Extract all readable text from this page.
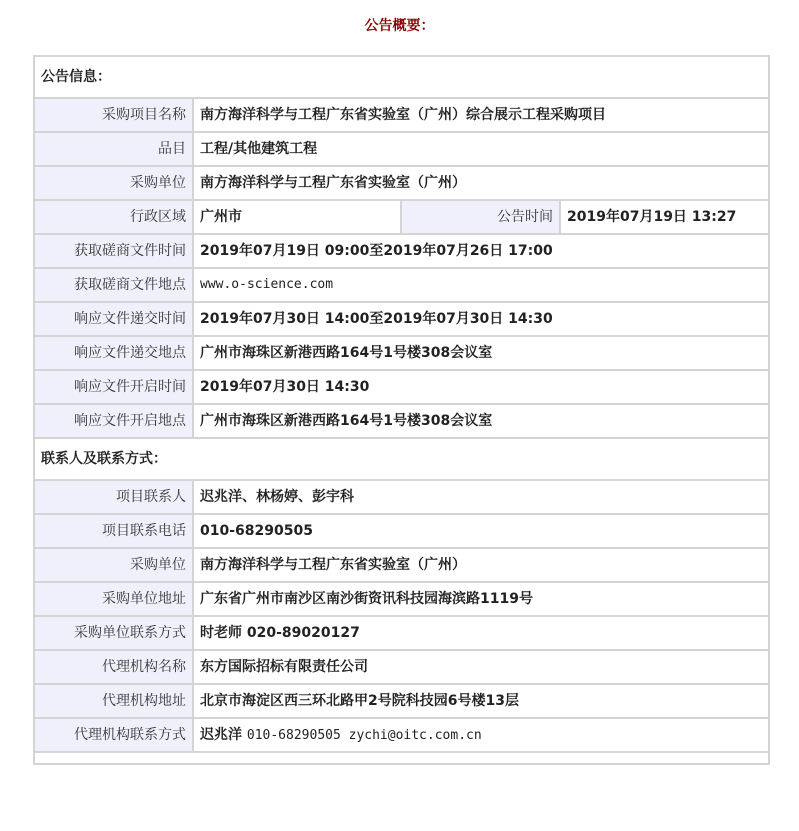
公告概要：
公告信息：			
采购项目名称	南方海洋科学与工程广东省实验室（广州）综合展示工程采购项目		
品目	工程/其他建筑工程		
采购单位	南方海洋科学与工程广东省实验室（广州）		
行政区域	广州市	公告时间	2019年07月19日 13:27
获取磋商文件时间	2019年07月19日 09:00至2019年07月26日 17:00		
获取磋商文件地点	www.o-science.com		
响应文件递交时间	2019年07月30日 14:00至2019年07月30日 14:30		
响应文件递交地点	广州市海珠区新港西路164号1号楼308会议室		
响应文件开启时间	2019年07月30日 14:30		
响应文件开启地点	广州市海珠区新港西路164号1号楼308会议室		
联系人及联系方式：			
项目联系人	迟兆洋、林杨婷、彭宇科		
项目联系电话	010-68290505		
采购单位	南方海洋科学与工程广东省实验室（广州）		
采购单位地址	广东省广州市南沙区南沙街资讯科技园海滨路1119号		
采购单位联系方式	时老师 020-89020127		
代理机构名称	东方国际招标有限责任公司		
代理机构地址	北京市海淀区西三环北路甲2号院科技园6号楼13层		
代理机构联系方式	迟兆洋 010-68290505 zychi@oitc.com.cn		
